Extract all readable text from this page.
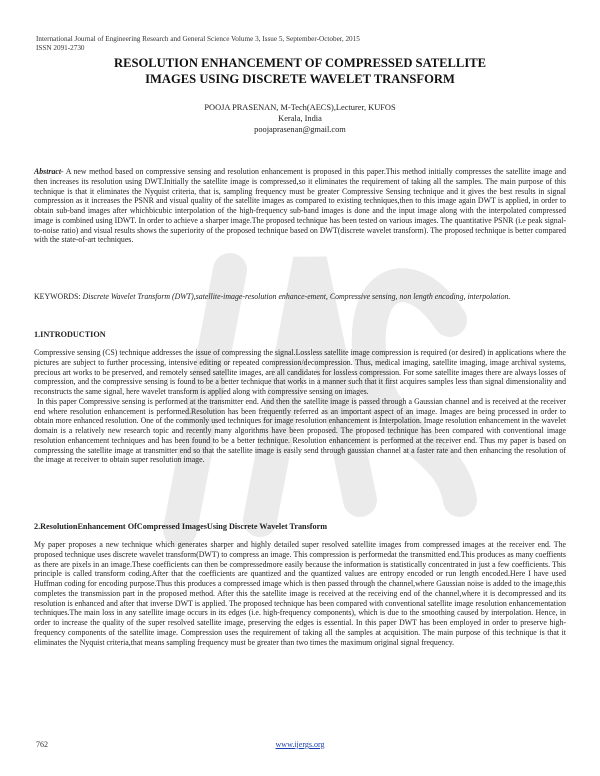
International Journal of Engineering Research and General Science Volume 3, Issue 5, September-October, 2015
ISSN 2091-2730
RESOLUTION ENHANCEMENT OF COMPRESSED SATELLITE
IMAGES USING DISCRETE WAVELET TRANSFORM
POOJA PRASENAN, M-Tech(AECS),Lecturer, KUFOS
Kerala, India
poojaprasenan@gmail.com
Abstract- A new method based on compressive sensing and resolution enhancement is proposed in this paper.This method initially compresses the satellite image and then increases its resolution using DWT.Initially the satellite image is compressed,so it eliminates the requirement of taking all the samples. The main purpose of this technique is that it eliminates the Nyquist criteria, that is, sampling frequency must be greater Compressive Sensing technique and it gives the best results in signal compression as it increases the PSNR and visual quality of the satellite images as compared to existing techniques,then to this image again DWT is applied, in order to obtain sub-band images after whichbicubic interpolation of the high-frequency sub-band images is done and the input image along with the interpolated compressed image is combined using IDWT. In order to achieve a sharper image.The proposed technique has been tested on various images. The quantitative PSNR (i.e peak signal-to-noise ratio) and visual results shows the superiority of the proposed technique based on DWT(discrete wavelet transform). The proposed technique is better compared with the state-of-art techniques.
KEYWORDS: Discrete Wavelet Transform (DWT),satellite-image-resolution enhance-ement, Compressive sensing, non length encoding, interpolation.
1.INTRODUCTION
Compressive sensing (CS) technique addresses the issue of compressing the signal.Lossless satellite image compression is required (or desired) in applications where the pictures are subject to further processing, intensive editing or repeated compression/decompression. Thus, medical imaging, satellite imaging, image archival systems, precious art works to be preserved, and remotely sensed satellite images, are all candidates for lossless compression. For some satellite images there are always losses of compression, and the compressive sensing is found to be a better technique that works in a manner such that it first acquires samples less than signal dimensionality and reconstructs the same signal, here wavelet transform is applied along with compressive sensing on images.
In this paper Compressive sensing is performed at the transmitter end. And then the satellite image is passed through a Gaussian channel and is received at the receiver end where resolution enhancement is performed.Resolution has been frequently referred as an important aspect of an image. Images are being processed in order to obtain more enhanced resolution. One of the commonly used techniques for image resolution enhancement is Interpolation. Image resolution enhancement in the wavelet domain is a relatively new research topic and recently many algorithms have been proposed. The proposed technique has been compared with conventional image resolution enhancement techniques and has been found to be a better technique. Resolution enhancement is performed at the receiver end. Thus my paper is based on compressing the satellite image at transmitter end so that the satellite image is easily send through gaussian channel at a faster rate and then enhancing the resolution of the image at receiver to obtain super resolution image.
2.ResolutionEnhancement OfCompressed ImagesUsing Discrete Wavelet Transform
My paper proposes a new technique which generates sharper and highly detailed super resolved satellite images from compressed images at the receiver end. The proposed technique uses discrete wavelet transform(DWT) to compress an image. This compression is performedat the transmitted end.This produces as many coeffients as there are pixels in an image.These coefficients can then be compressedmore easily because the information is statistically concentrated in just a few coefficients. This principle is called transform coding.After that the coefficients are quantized and the quantized values are entropy encoded or run length encoded.Here I have used Huffman coding for encoding purpose.Thus this produces a compressed image which is then passed through the channel,where Gaussian noise is added to the image,this completes the transmission part in the proposed method. After this the satellite image is received at the receiving end of the channel,where it is decompressed and its resolution is enhanced and after that inverse DWT is applied. The proposed technique has been compared with conventional satellite image resolution enhancementation techniques.The main loss in any satellite image occurs in its edges (i.e. high-frequency components), which is due to the smoothing caused by interpolation. Hence, in order to increase the quality of the super resolved satellite image, preserving the edges is essential. In this paper DWT has been employed in order to preserve high-frequency components of the satellite image. Compression uses the requirement of taking all the samples at acquisition. The main purpose of this technique is that it eliminates the Nyquist criteria,that means sampling frequency must be greater than two times the maximum original signal frequency.
762	www.ijergs.org
